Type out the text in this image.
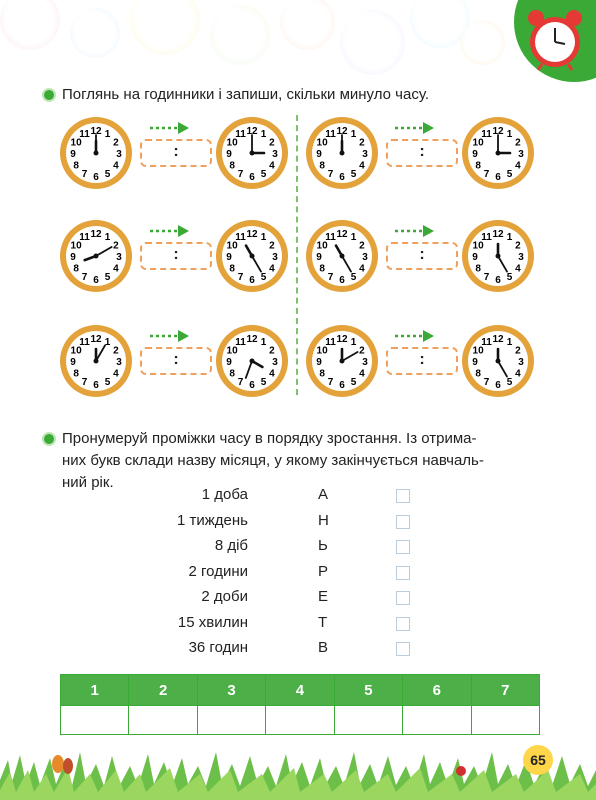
Поглянь на годинники і запиши, скільки минуло часу.
12 1
2
3
4
5
6
7
8
9
10
11	12 1
2
3
4
5
6
7
8
9
10
11
:
12 1
2
3
4
5
6
7
8
9
10
11	12 1
2
3
4
5
6
7
8
9
10
11
:
12 1
2
3
4
5
6
7
8
9
10
11	12 1
2
3
4
5
6
7
8
9
10
11
:
12 1
2
3
4
5
6
7
8
9
10
11	12 1
2
3
4
5
6
7
8
9
10
11
:
12 1
2
3
4
5
6
7
8
9
10
11	12 1
2
3
4
5
6
7
8
9
10
11
:
12 1
2
3
4
5
6
7
8
9
10
11	12 1
2
3
4
5
6
7
8
9
10
11
:
Пронумеруй проміжки часу в порядку зростання. Із отрима-
них букв склади назву місяця, у якому закінчується навчаль-
ний рік.
1 доба	А
1 тиждень	Н
8 діб	Ь
2 години	Р
2 доби	Е
15 хвилин	Т
36 годин	В
1	2	3	4	5	6	7

65
